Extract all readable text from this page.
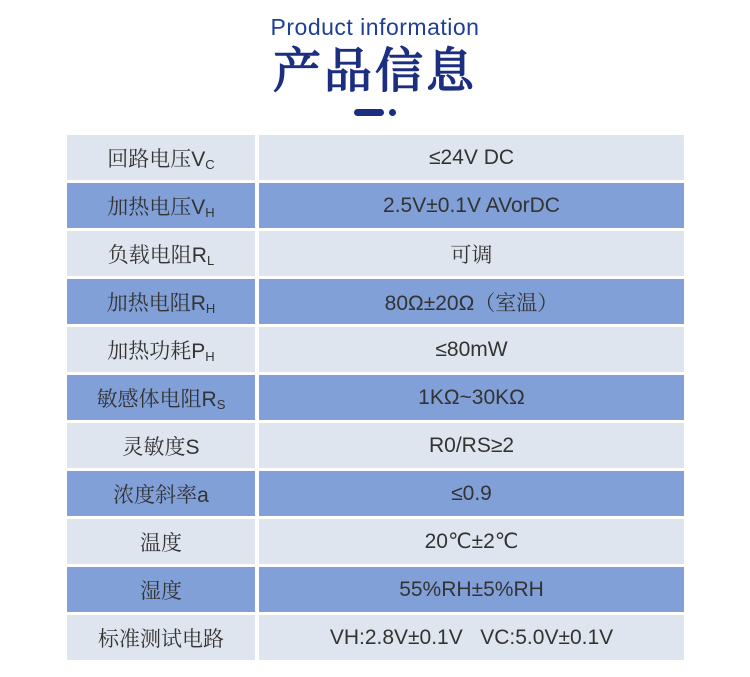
Product information
产品信息
回路电压V C	≤24V DC
加热电压V H	2.5V±0.1V AVorDC
负载电阻R L	可调
加热电阻R H	80Ω±20Ω（室温）
加热功耗P H	≤80mW
敏感体电阻R S	1KΩ~30KΩ
灵敏度S	R0/RS≥2
浓度斜率a	≤0.9
温度	20℃±2℃
湿度	55%RH±5%RH
标准测试电路	VH:2.8V±0.1V   VC:5.0V±0.1V
